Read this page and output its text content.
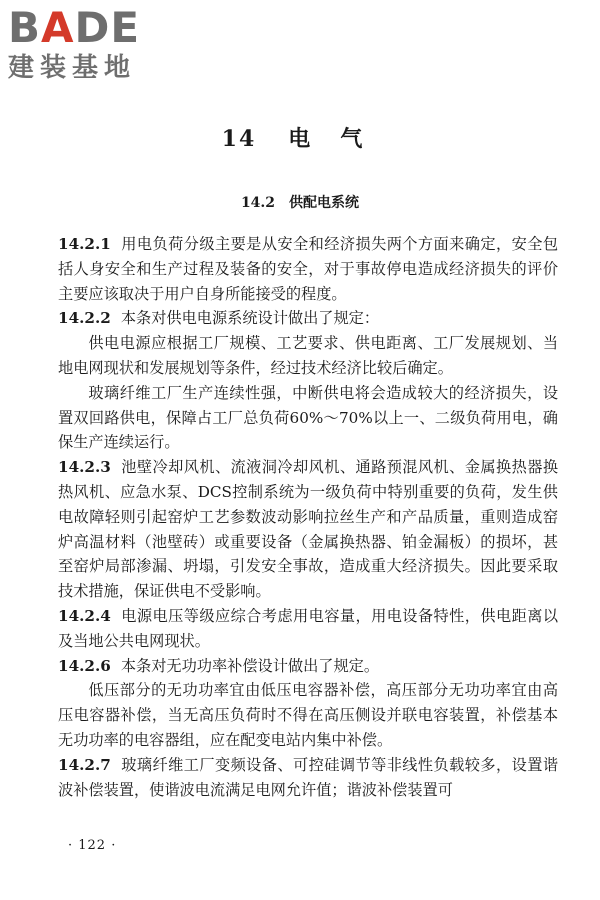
BADE
建装基地
14 电 气
14.2 供配电系统

14.2.1 用电负荷分级主要是从安全和经济损失两个方面来确定，安全包括人身安全和生产过程及装备的安全，对于事故停电造成经济损失的评价主要应该取决于用户自身所能接受的程度。

14.2.2 本条对供电电源系统设计做出了规定：

供电电源应根据工厂规模、工艺要求、供电距离、工厂发展规划、当地电网现状和发展规划等条件，经过技术经济比较后确定。

玻璃纤维工厂生产连续性强，中断供电将会造成较大的经济损失，设置双回路供电，保障占工厂总负荷60%～70%以上一、二级负荷用电，确保生产连续运行。

14.2.3 池壁冷却风机、流液洞冷却风机、通路预混风机、金属换热器换热风机、应急水泵、DCS控制系统为一级负荷中特别重要的负荷，发生供电故障轻则引起窑炉工艺参数波动影响拉丝生产和产品质量，重则造成窑炉高温材料（池壁砖）或重要设备（金属换热器、铂金漏板）的损坏，甚至窑炉局部渗漏、坍塌，引发安全事故，造成重大经济损失。因此要采取技术措施，保证供电不受影响。

14.2.4 电源电压等级应综合考虑用电容量，用电设备特性，供电距离以及当地公共电网现状。

14.2.6 本条对无功功率补偿设计做出了规定。

低压部分的无功功率宜由低压电容器补偿，高压部分无功功率宜由高压电容器补偿，当无高压负荷时不得在高压侧设并联电容装置，补偿基本无功功率的电容器组，应在配变电站内集中补偿。

14.2.7 玻璃纤维工厂变频设备、可控硅调节等非线性负载较多，设置谐波补偿装置，使谐波电流满足电网允许值；谐波补偿装置可

· 122 ·
